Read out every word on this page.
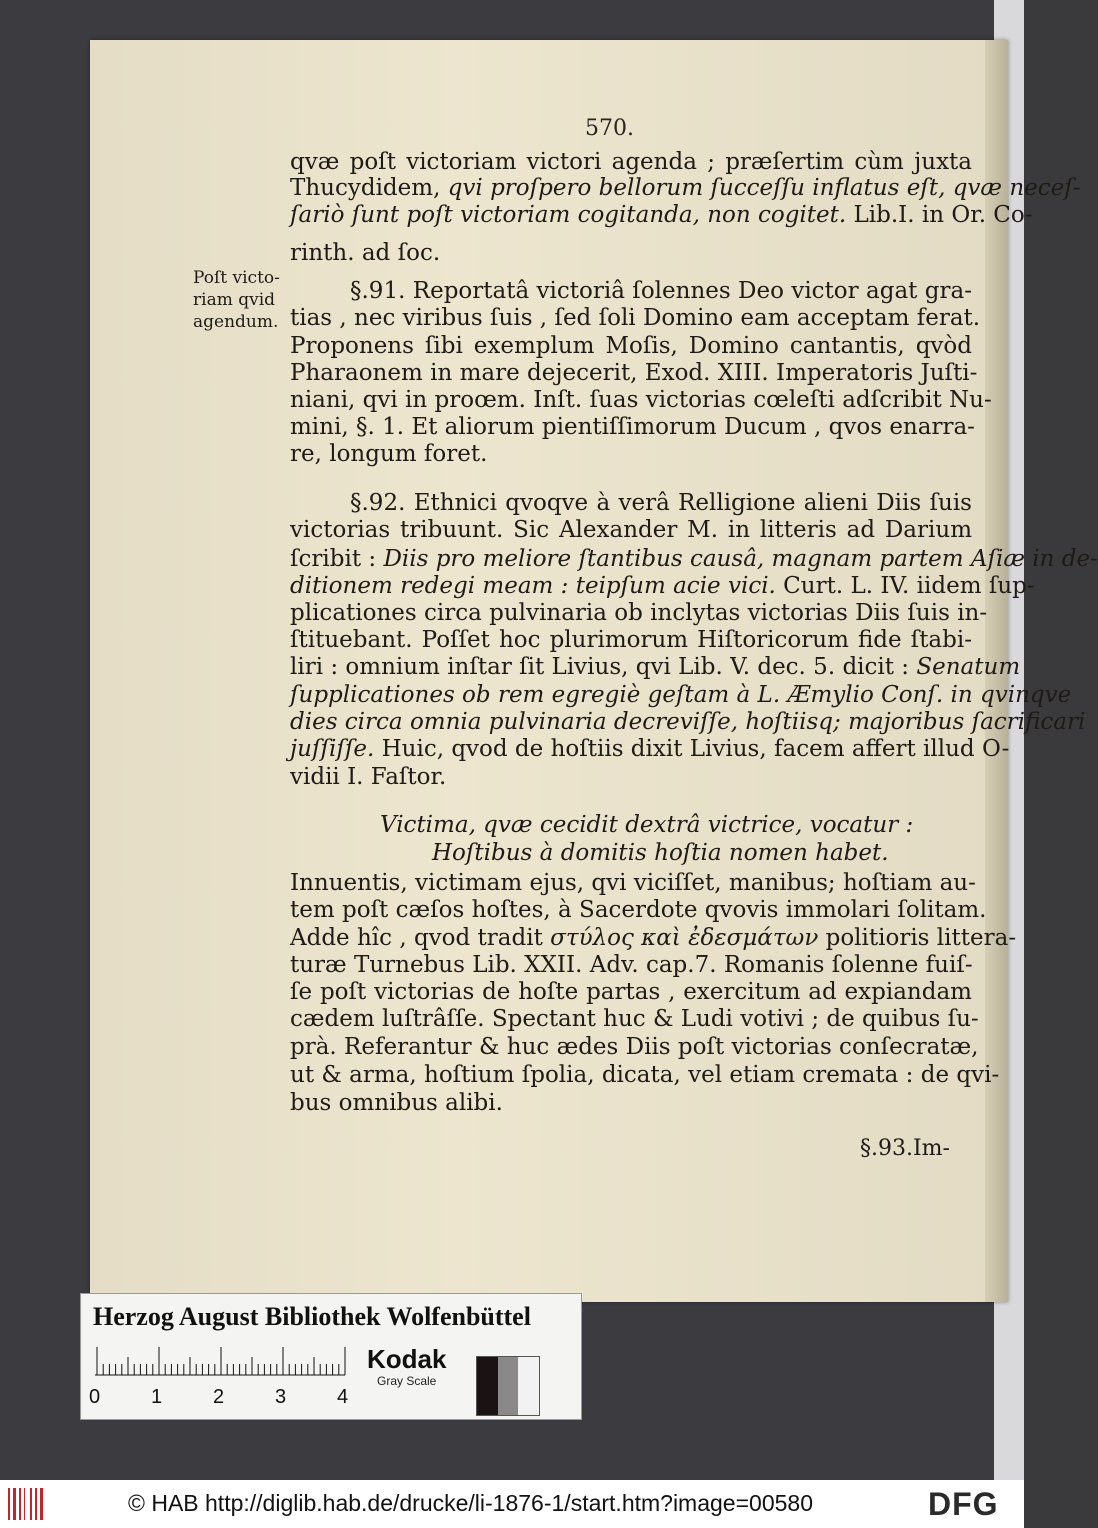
570.

Poſt victo-

riam qvid

agendum.

qvæ poſt victoriam victori agenda ; præſertim cùm juxta

Thucydidem, qvi proſpero bellorum ſucceſſu inflatus eſt, qvæ neceſ-

ſariò ſunt poſt victoriam cogitanda, non cogitet. Lib.I. in Or. Co-

rinth. ad ſoc.

§.91. Reportatâ victoriâ ſolennes Deo victor agat gra-

tias , nec viribus ſuis , ſed ſoli Domino eam acceptam ferat.

Proponens ſibi exemplum Moſis, Domino cantantis, qvòd

Pharaonem in mare dejecerit, Exod. XIII. Imperatoris Juſti-

niani, qvi in proœm. Inſt. ſuas victorias cœleſti adſcribit Nu-

mini, §. 1. Et aliorum pientiſſimorum Ducum , qvos enarra-

re, longum foret.

§.92. Ethnici qvoqve à verâ Relligione alieni Diis ſuis

victorias tribuunt. Sic Alexander M. in litteris ad Darium

ſcribit : Diis pro meliore ſtantibus causâ, magnam partem Aſiæ in de-

ditionem redegi meam : teipſum acie vici. Curt. L. IV. iidem ſup-

plicationes circa pulvinaria ob inclytas victorias Diis ſuis in-

ſtituebant. Poſſet hoc plurimorum Hiſtoricorum fide ſtabi-

liri : omnium inſtar ſit Livius, qvi Lib. V. dec. 5. dicit : Senatum

ſupplicationes ob rem egregiè geſtam à L. Æmylio Conſ. in qvinqve

dies circa omnia pulvinaria decreviſſe, hoſtiisq; majoribus ſacrificari

juſſiſſe. Huic, qvod de hoſtiis dixit Livius, facem affert illud O-

vidii I. Faſtor.

Victima, qvæ cecidit dextrâ victrice, vocatur :

Hoſtibus à domitis hoſtia nomen habet.

Innuentis, victimam ejus, qvi viciſſet, manibus; hoſtiam au-

tem poſt cæſos hoſtes, à Sacerdote qvovis immolari ſolitam.

Adde hîc , qvod tradit στύλος καὶ ἐδεσμάτων politioris littera-

turæ Turnebus Lib. XXII. Adv. cap.7. Romanis ſolenne fuiſ-

ſe poſt victorias de hoſte partas , exercitum ad expiandam

cædem luſtrâſſe. Spectant huc & Ludi votivi ; de quibus ſu-

prà. Referantur & huc ædes Diis poſt victorias conſecratæ,

ut & arma, hoſtium ſpolia, dicata, vel etiam cremata : de qvi-

bus omnibus alibi.

§.93.Im-
Herzog August Bibliothek Wolfenbüttel
0	1	2	3	4
Kodak
Gray Scale
© HAB http://diglib.hab.de/drucke/li-1876-1/start.htm?image=00580	DFG
